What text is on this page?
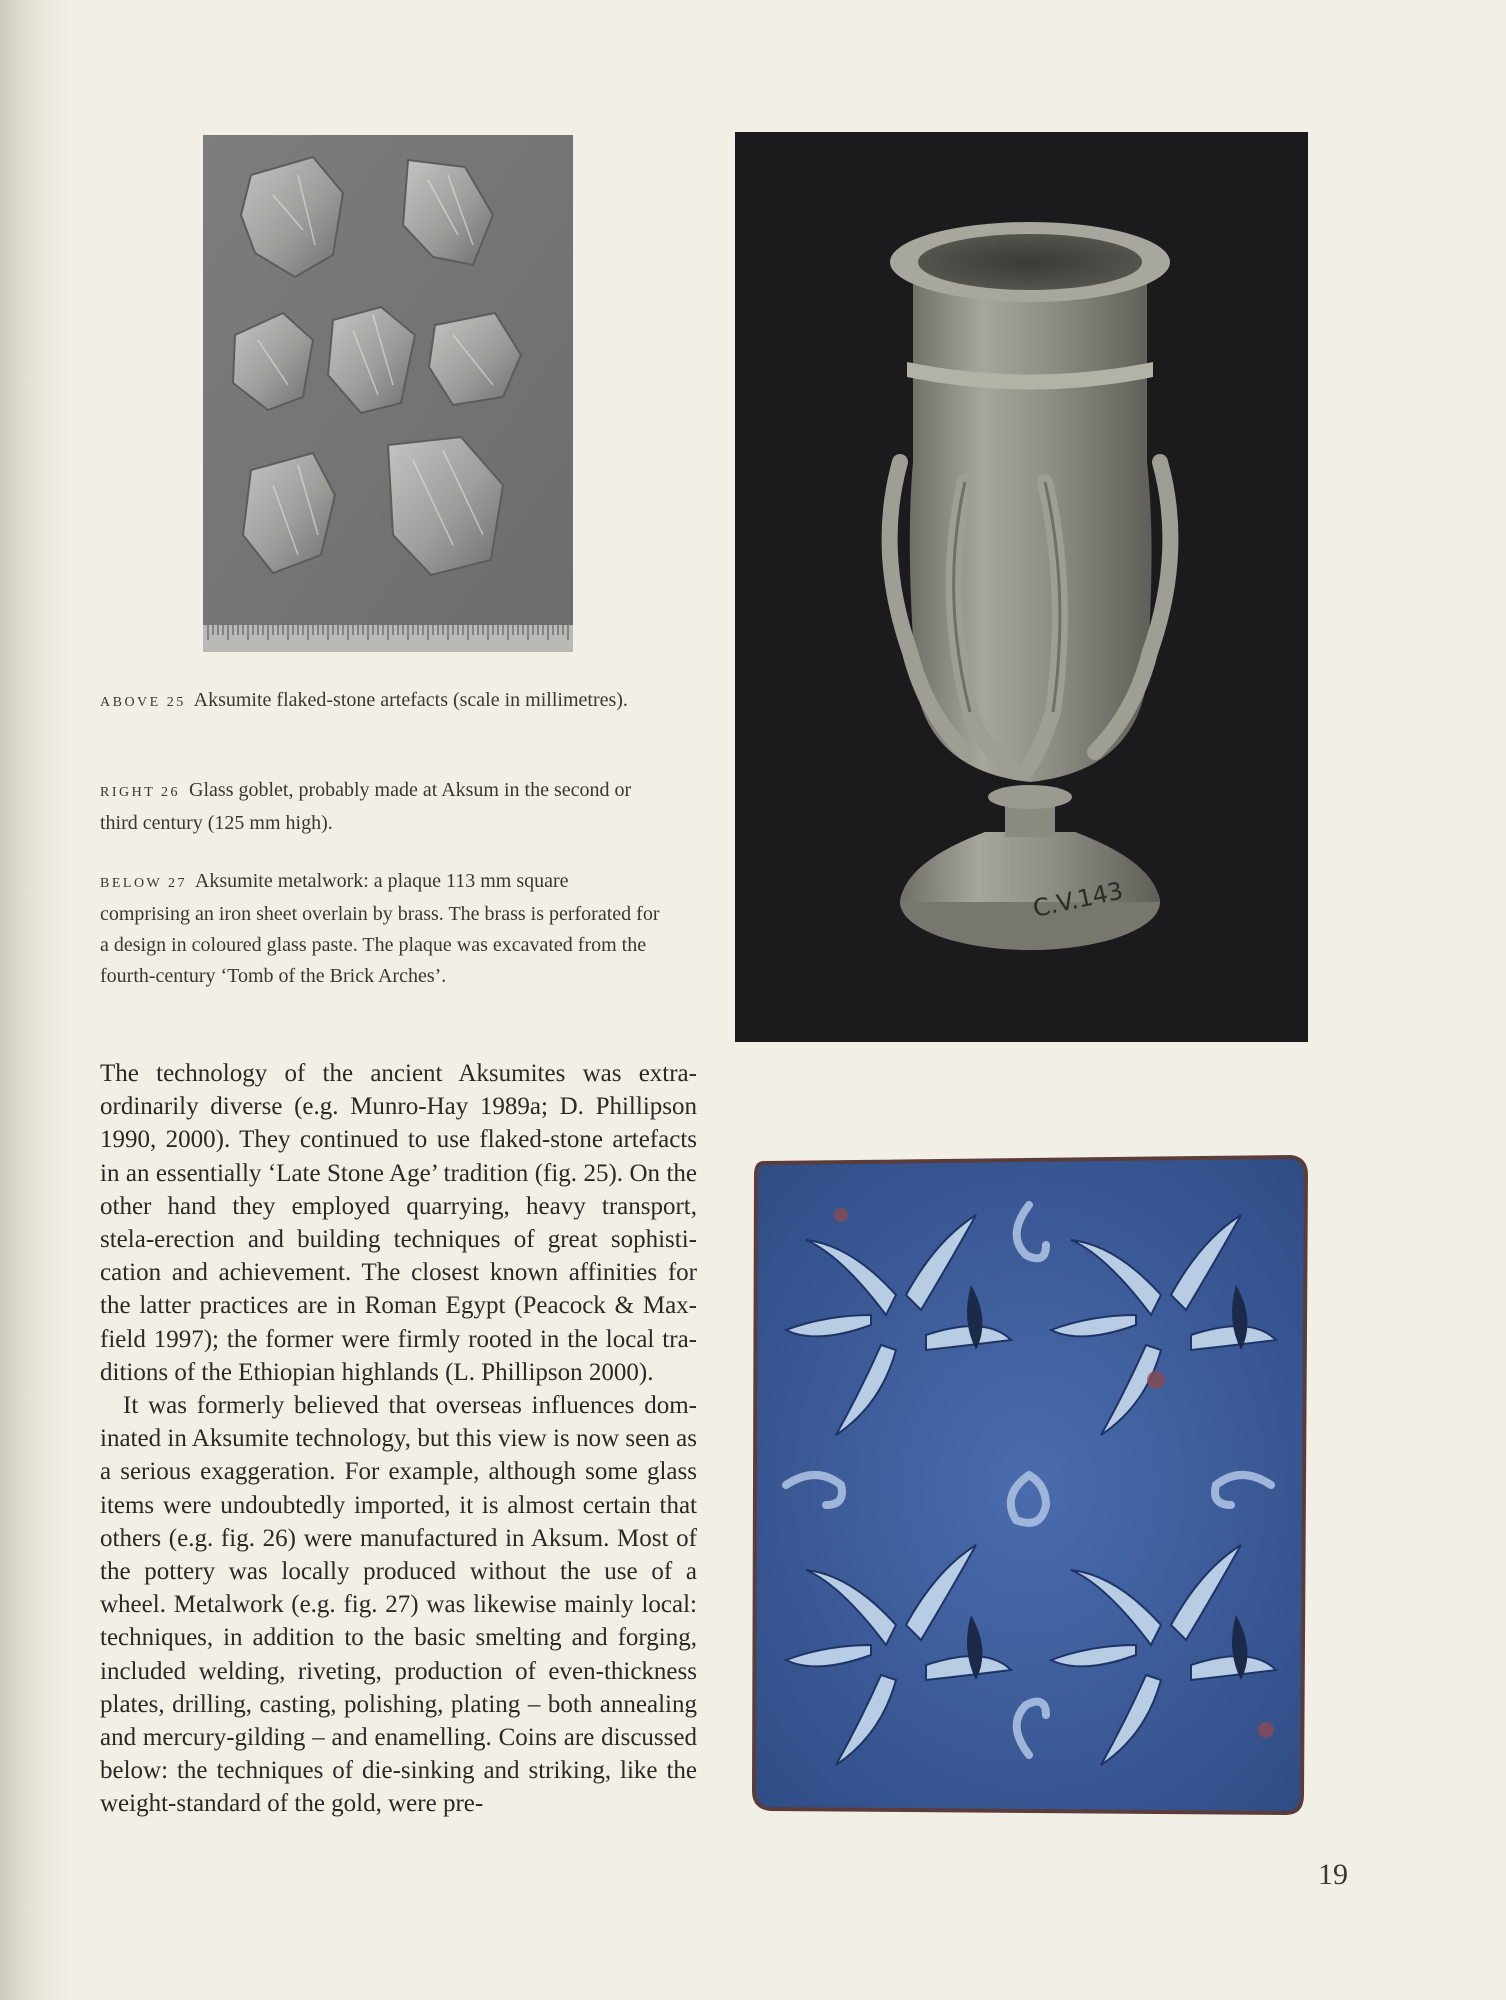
C.V.143
ABOVE 25 Aksumite flaked-stone artefacts (scale in millimetres).
RIGHT 26 Glass goblet, probably made at Aksum in the second or third century (125 mm high).
BELOW 27 Aksumite metalwork: a plaque 113 mm square comprising an iron sheet overlain by brass. The brass is perforated for a design in coloured glass paste. The plaque was excavated from the fourth-century ‘Tomb of the Brick Arches’.

The technology of the ancient Aksumites was extraordinarily diverse (e.g. Munro-Hay 1989a; D. Phillipson 1990, 2000). They continued to use flaked-stone artefacts in an essentially ‘Late Stone Age’ tradition (fig. 25). On the other hand they employed quarrying, heavy transport, stela-erection and building techniques of great sophistication and achievement. The closest known affinities for the latter practices are in Roman Egypt (Peacock & Maxfield 1997); the former were firmly rooted in the local traditions of the Ethiopian highlands (L. Phillipson 2000).

It was formerly believed that overseas influences dominated in Aksumite technology, but this view is now seen as a serious exaggeration. For example, although some glass items were undoubtedly imported, it is almost certain that others (e.g. fig. 26) were manufactured in Aksum. Most of the pottery was locally produced without the use of a wheel. Metalwork (e.g. fig. 27) was likewise mainly local: techniques, in addition to the basic smelting and forging, included welding, riveting, production of even-thickness plates, drilling, casting, polishing, plating – both annealing and mercury-gilding – and enamelling. Coins are discussed below: the techniques of die-sinking and striking, like the weight-standard of the gold, were pre-

19
